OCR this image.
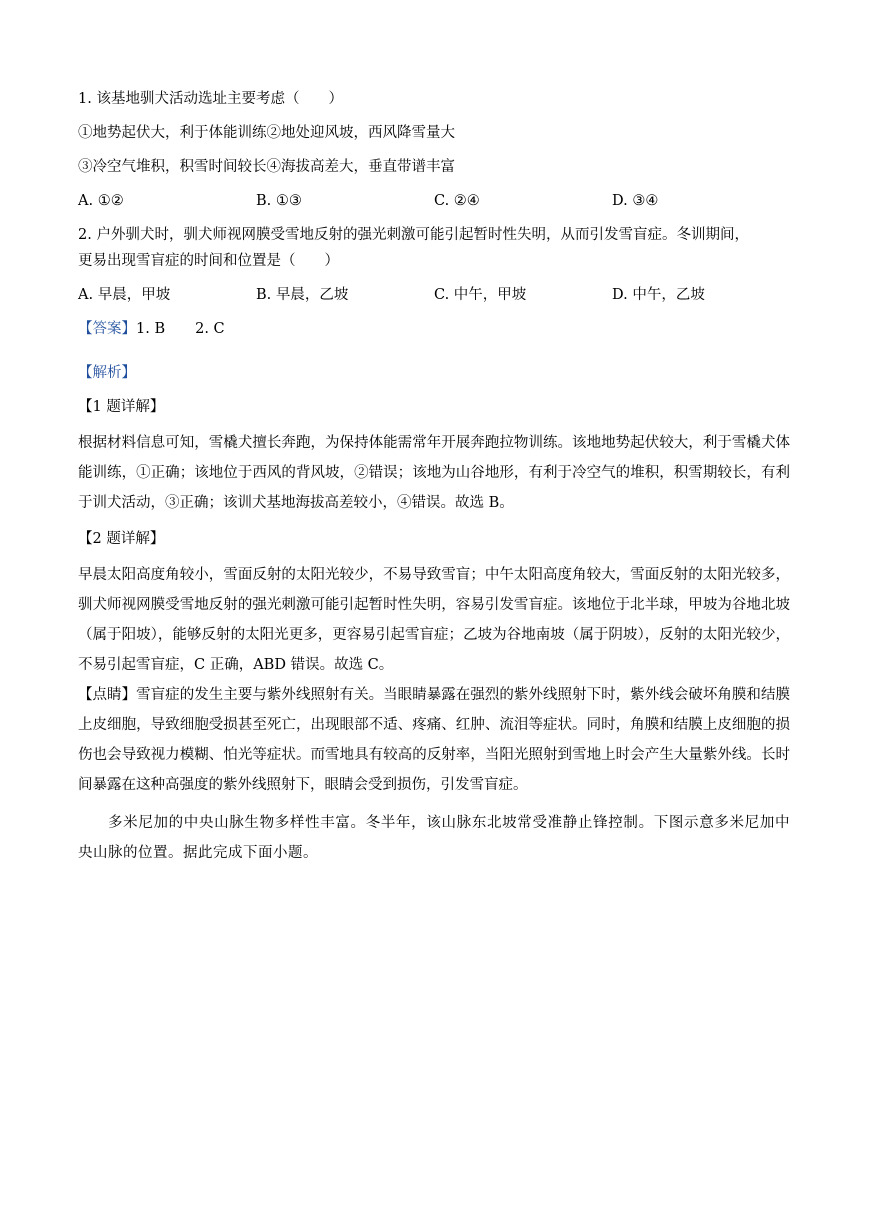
1. 该基地驯犬活动选址主要考虑（　　）
①地势起伏大，利于体能训练②地处迎风坡，西风降雪量大
③冷空气堆积，积雪时间较长④海拔高差大，垂直带谱丰富
A. ①②	B. ①③	C. ②④	D. ③④
2. 户外驯犬时，驯犬师视网膜受雪地反射的强光刺激可能引起暂时性失明，从而引发雪盲症。冬训期间，
更易出现雪盲症的时间和位置是（　　）
A. 早晨，甲坡	B. 早晨，乙坡	C. 中午，甲坡	D. 中午，乙坡
【答案】1. B 2. C
【解析】
【1 题详解】
根据材料信息可知，雪橇犬擅长奔跑，为保持体能需常年开展奔跑拉物训练。该地地势起伏较大，利于雪橇犬体能训练，①正确；该地位于西风的背风坡，②错误；该地为山谷地形，有利于冷空气的堆积，积雪期较长，有利于训犬活动，③正确；该训犬基地海拔高差较小，④错误。故选 B。
【2 题详解】
早晨太阳高度角较小，雪面反射的太阳光较少，不易导致雪盲；中午太阳高度角较大，雪面反射的太阳光较多，驯犬师视网膜受雪地反射的强光刺激可能引起暂时性失明，容易引发雪盲症。该地位于北半球，甲坡为谷地北坡（属于阳坡），能够反射的太阳光更多，更容易引起雪盲症；乙坡为谷地南坡（属于阴坡），反射的太阳光较少，不易引起雪盲症，C 正确，ABD 错误。故选 C。
【点睛】雪盲症的发生主要与紫外线照射有关。当眼睛暴露在强烈的紫外线照射下时，紫外线会破坏角膜和结膜上皮细胞，导致细胞受损甚至死亡，出现眼部不适、疼痛、红肿、流泪等症状。同时，角膜和结膜上皮细胞的损伤也会导致视力模糊、怕光等症状。而雪地具有较高的反射率，当阳光照射到雪地上时会产生大量紫外线。长时间暴露在这种高强度的紫外线照射下，眼睛会受到损伤，引发雪盲症。
多米尼加的中央山脉生物多样性丰富。冬半年，该山脉东北坡常受准静止锋控制。下图示意多米尼加中央山脉的位置。据此完成下面小题。
